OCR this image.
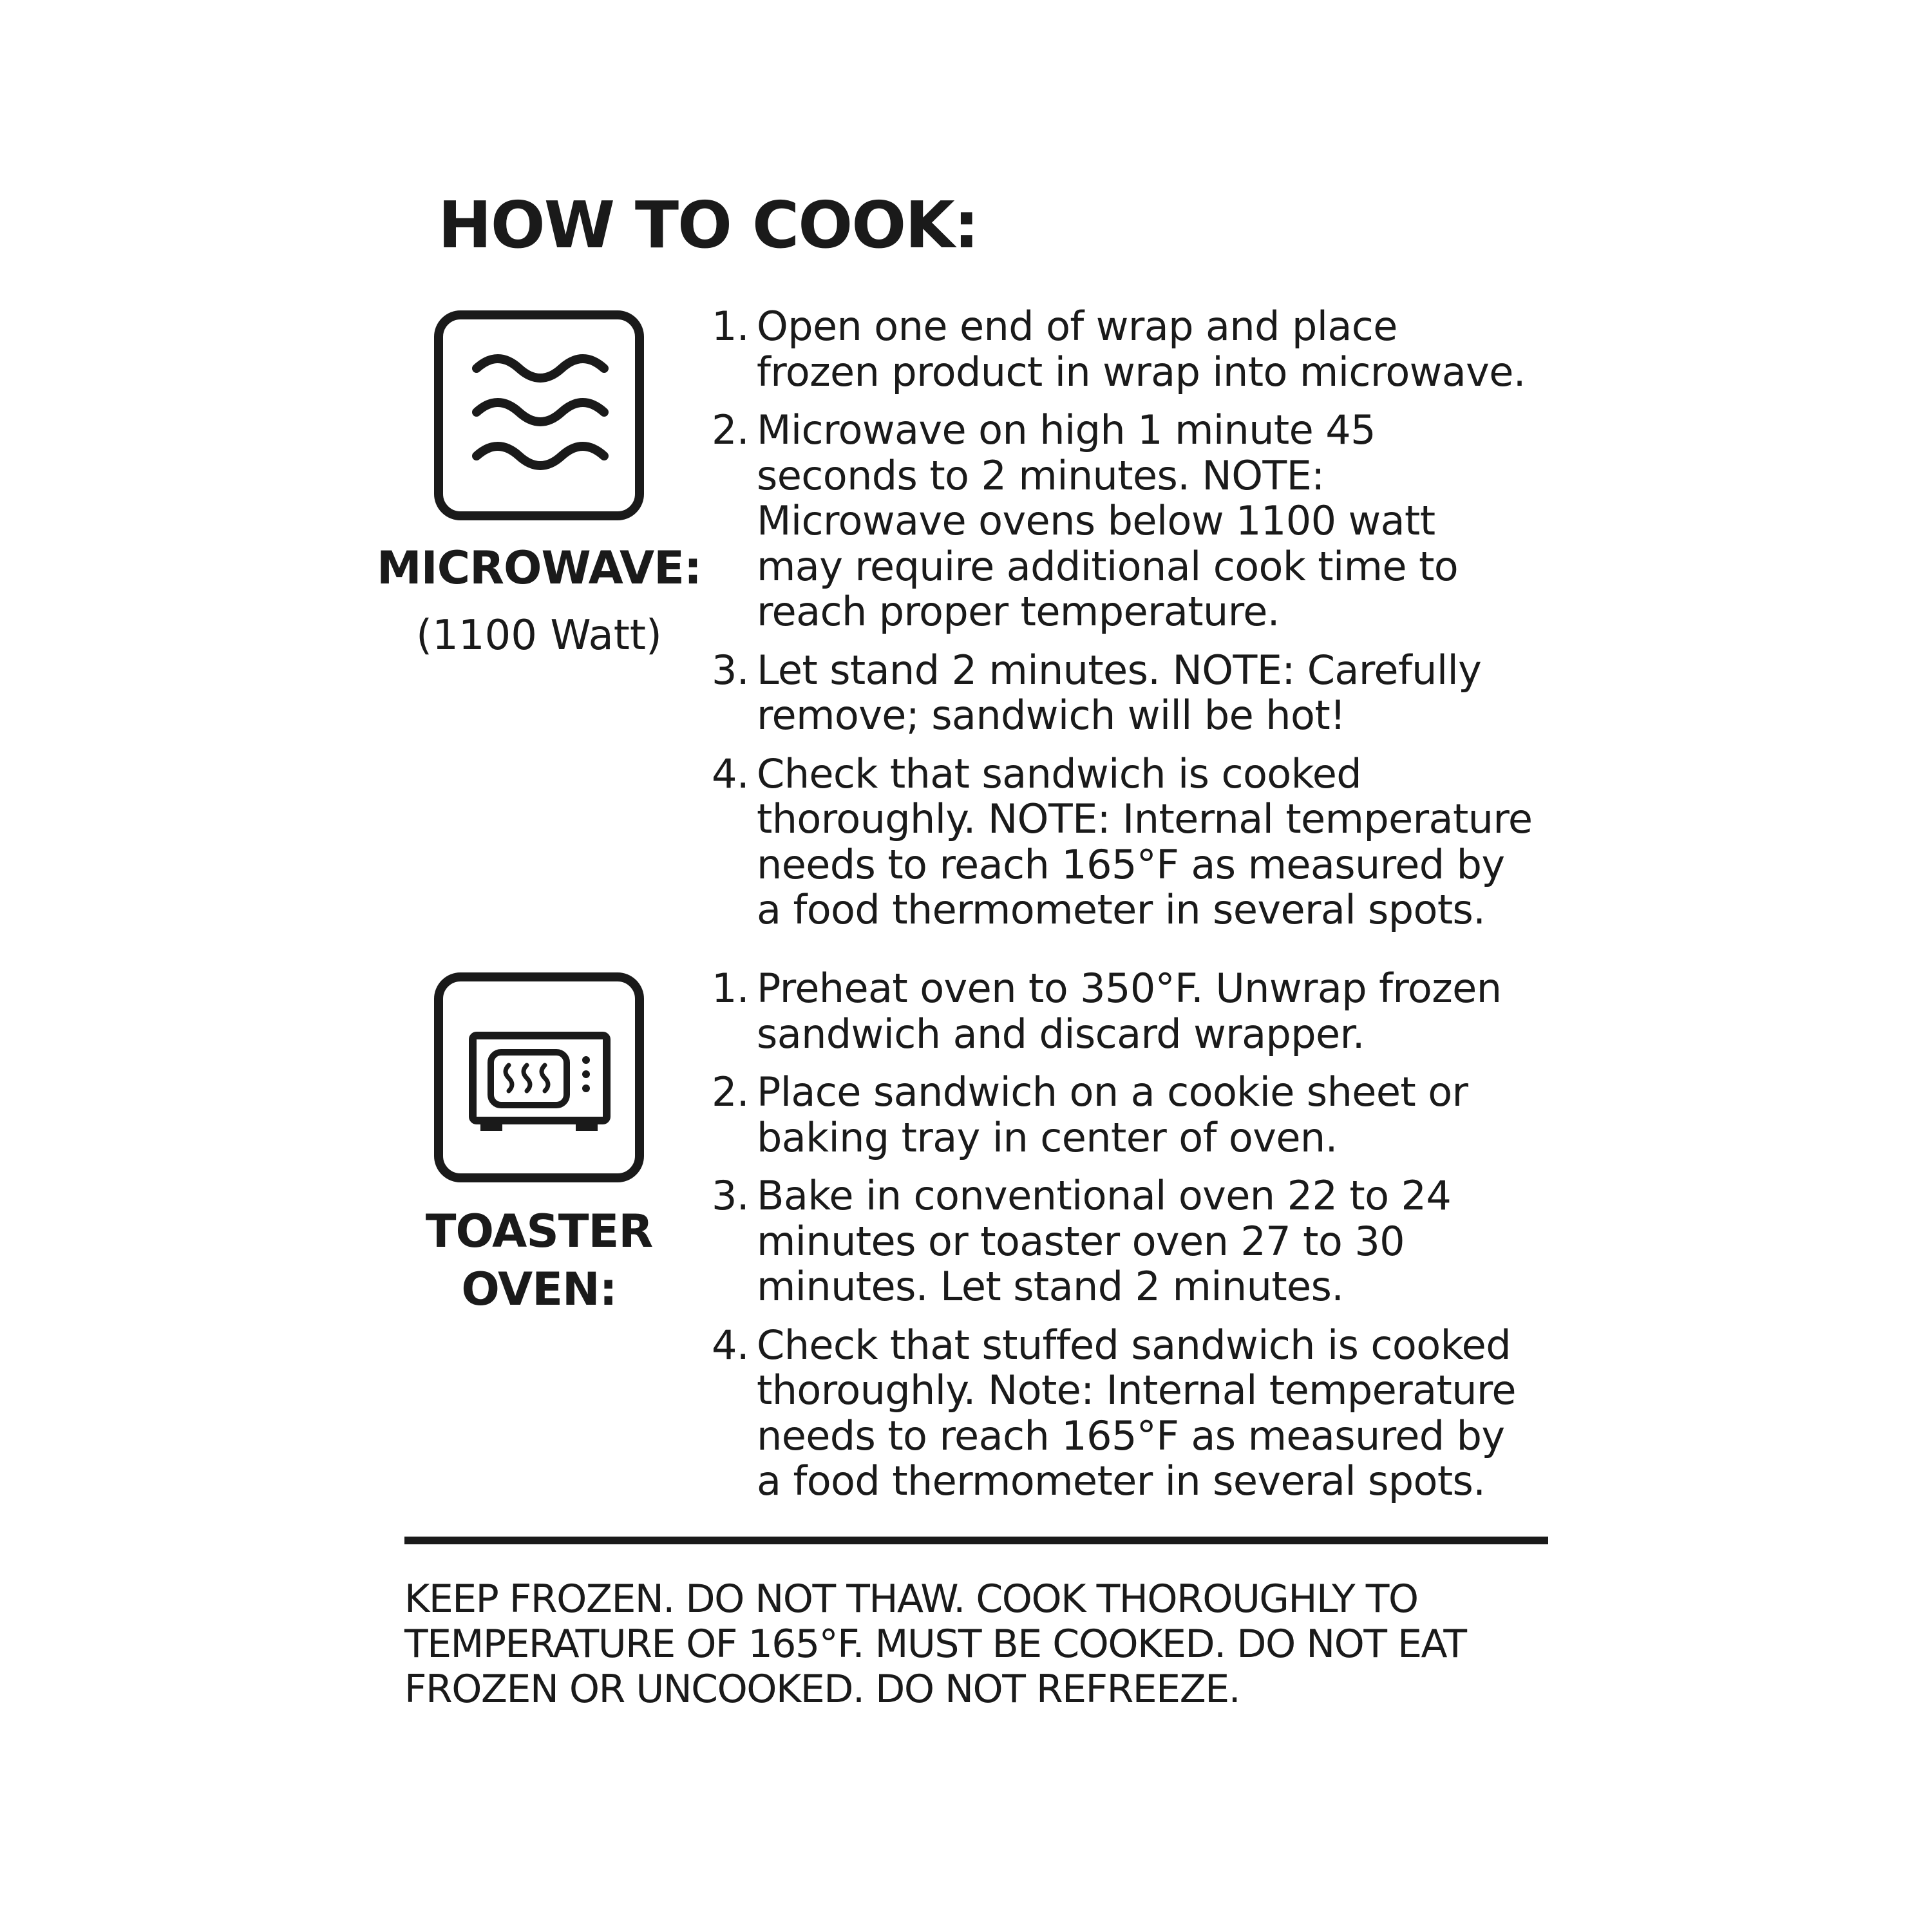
HOW TO COOK:
MICROWAVE:
(1100 Watt)
1. Open one end of wrap and place
frozen product in wrap into microwave.
2. Microwave on high 1 minute 45
seconds to 2 minutes. NOTE:
Microwave ovens below 1100 watt
may require additional cook time to
reach proper temperature.
3. Let stand 2 minutes. NOTE: Carefully
remove; sandwich will be hot!
4. Check that sandwich is cooked
thoroughly. NOTE: Internal temperature
needs to reach 165°F as measured by
a food thermometer in several spots.
TOASTER
OVEN:
1. Preheat oven to 350°F. Unwrap frozen
sandwich and discard wrapper.
2. Place sandwich on a cookie sheet or
baking tray in center of oven.
3. Bake in conventional oven 22 to 24
minutes or toaster oven 27 to 30
minutes. Let stand 2 minutes.
4. Check that stuffed sandwich is cooked
thoroughly. Note: Internal temperature
needs to reach 165°F as measured by
a food thermometer in several spots.
KEEP FROZEN. DO NOT THAW. COOK THOROUGHLY TO
TEMPERATURE OF 165°F. MUST BE COOKED. DO NOT EAT
FROZEN OR UNCOOKED. DO NOT REFREEZE.
